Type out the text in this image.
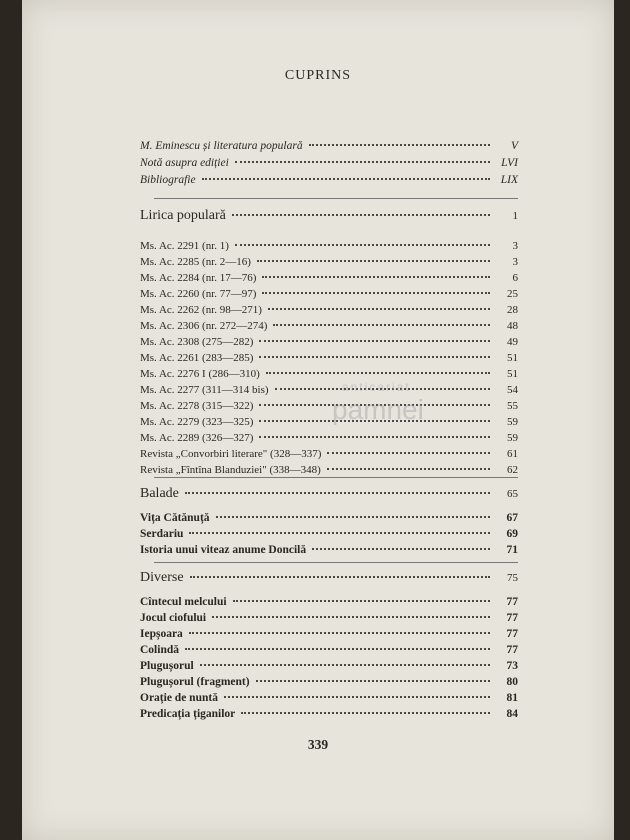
CUPRINS
M. Eminescu și literatura populară	V
Notă asupra ediției	LVI
Bibliografie	LIX
Lirica populară	1
Ms. Ac. 2291 (nr. 1)	3
Ms. Ac. 2285 (nr. 2—16)	3
Ms. Ac. 2284 (nr. 17—76)	6
Ms. Ac. 2260 (nr. 77—97)	25
Ms. Ac. 2262 (nr. 98—271)	28
Ms. Ac. 2306 (nr. 272—274)	48
Ms. Ac. 2308 (275—282)	49
Ms. Ac. 2261 (283—285)	51
Ms. Ac. 2276 I (286—310)	51
Ms. Ac. 2277 (311—314 bis)	54
Ms. Ac. 2278 (315—322)	55
Ms. Ac. 2279 (323—325)	59
Ms. Ac. 2289 (326—327)	59
Revista „Convorbiri literare" (328—337)	61
Revista „Fîntîna Blanduziei" (338—348)	62
Balade	65
Vița Cătănuță	67
Serdariu	69
Istoria unui viteaz anume Doncilă	71
Diverse	75
Cîntecul melcului	77
Jocul ciofului	77
Iepșoara	77
Colindă	77
Plugușorul	73
Plugușorul (fragment)	80
Orație de nuntă	81
Predicația țiganilor	84
339
anticariat
pamnei
